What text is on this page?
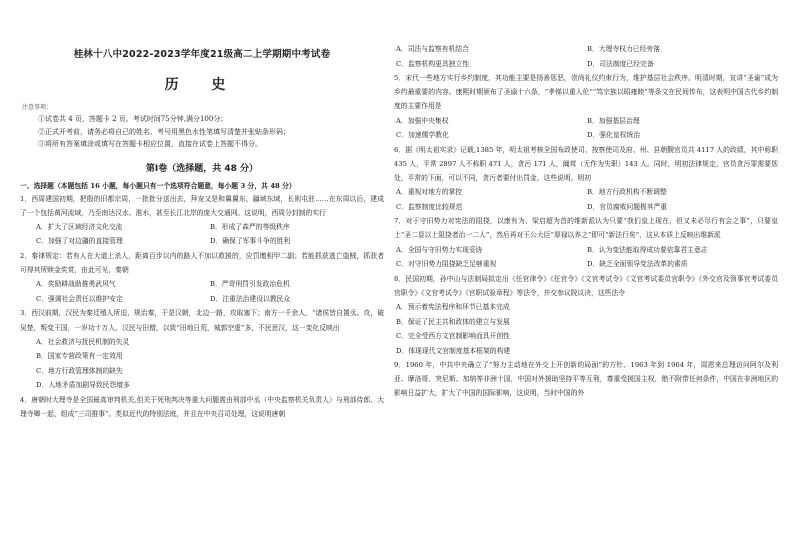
桂林十八中2022-2023学年度21级高二上学期期中考试卷
历 史
注意事项：
①试卷共 4 页，答题卡 2 页。考试时间75分钟,满分100分；
②正式开考前，请务必将自己的姓名、考号用黑色水性笔填写清楚并张贴条形码；
③将所有答案填涂或填写在答题卡相应位置，直接在试卷上答题不得分。
第Ⅰ卷（选择题，共 48 分）
一、选择题（本题包括 16 小题，每小题只有一个选项符合题意，每小题 3 分，共 48 分）
1．西周建国初期，把殷的旧都宗周，一批批分送出去，拜宠又是和翼翼东，疆域东域，长则屯驻……在东周以后，建成了一个包括黄河流域，乃至南达汉水、淮水，甚至长江北岸的庞大交通网。这说明，西周分封制的实行
A．扩大了区域经济文化交流	B．形成了森严的等级秩序
C．加强了对边疆的直接管理	D．确保了军事斗争的胜利
2．秦律规定：若有人在大道上杀人，距离百步以内的路人不加以救援的，应罚缴相甲二副；若能抓获逃亡盗贼，抓获者可得其所赎金奖赏，由此可见，秦朝
A．奖励耕战助推勇武风气	B．严苛刑罚引发政治危机
C．强调社会责任以维护安定	D．注重法治建设以教民众
3．西汉前期，汉民为秦廷殖人所迫，规治秦，于是汉朝，北边一路，攻取塞下；南方一千余人，“诸侯皆自置丞。攻，破吴楚，叛变王国，一岁功十万人，汉民与田僧，以致“田地日荒，城郭空虚”多，不民思汉，这一变化反映出
A．社会救济与抚民机制的失灵
B．国家专营政策有一定效用
C．地方行政管理体制的缺失
D．人地矛盾加剧导致民怨增多
4．唐朝时大理寺是全国最高审判机关,但关于死刑判决等重大问题需由刑部中丞（中央监察机关负责人）与刑部侍郎、大理寺卿一起，组成“三司推事”。类似近代的特别法庭，并且在中央召司处理，这说明唐朝
A．司法与监察有机结合	B．大理寺权力已经旁落
C．监察机构更具独立性	D．司法制度已经完备
5．宋代一些地方实行乡约制度，其功能主要是扬善惩恶，崇尚礼仪约束行为，维护基层社会秩序。明清时期，宣讲“圣谕”成为乡约最重要的内容。康熙时期颁布了圣谕十六条，“孝悌以重人伦”“笃宗族以昭雍睦”等条文在民间传布，这表明中国古代乡约制度的主要作用是
A．加强中央集权	B．加强基层治理
C．加速儒学教化	D．强化皇权统治
6．据《明太祖实录》记载,1385 年，明太祖考核全国布政使司、按察使司及府、州、县朝觐官员共 4117 人的政绩，其中称职 435 人，平常 2897 人不称职 471 人，贪污 171 人，阘茸（无作为失职）143 人。同时，明初法律规定，官员贪污罪需要惩处，平常的下面，可以不同，贪污者要付出罚金，这些说明，明初
A．重视对地方的掌控	B．地方行政机构不断调整
C．监察制度比较规范	D．官员腐败问题极其严重
7．对于守旧势力对宪法的阻挠，以康有为、梁启超为首的维新派认为只要“我们皇上现在，但又未必尽行有会之事”，只要皇上“圣二显以上阻挠者治一二人”，然后再对王公大臣“厚禄以养之”即可“新法行矣”，这从本质上反映出维新派
A．全国与守旧势力实现妥协	B．认为变法能取得成功要依靠君主意志
C．对守旧势力阻挠缺乏足够重视	D．缺乏全面领导变法改革的素质
8．民国初期，孙中山与法制局拟定出《任官律令》《任官令》《文官考试令》《文官考试委员官职令》《外交官及领事官考试委员官职令》《文官考试令》《官职试验章程》等法令，并交参议院议决，这些法令
A．预示着宪法程序和环节已基本完成
B．保证了民主共和政体的建立与发展
C．完全受西方文官制影响而具开创性
D．体现现代文官制度基本框架的构建
9．1960 年，中共中央确立了“努力主动地在外交上开创新的局面”的方针。1963 年到 1964 年，周恩来总理访问阿尔及利亚、摩洛哥、突尼斯、加纳等非洲十国，中国对外援助坚持平等互利，尊重受援国主权，绝不附带任何条件，中国在非洲地区的影响日益扩大，扩大了中国的国际影响，这说明，当时中国的外
